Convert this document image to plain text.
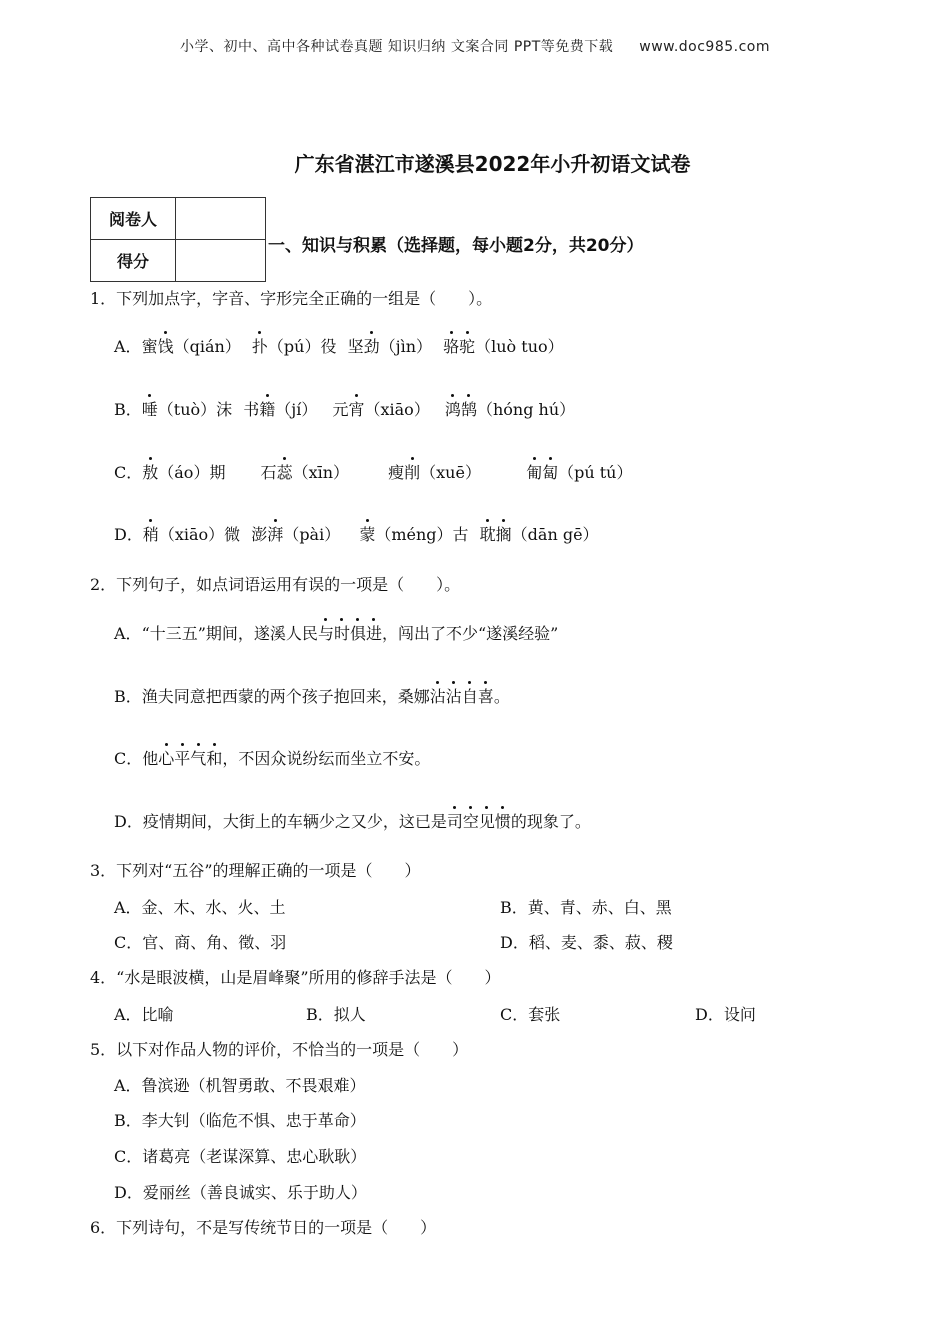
小学、初中、高中各种试卷真题 知识归纳 文案合同 PPT等免费下载 www.doc985.com
广东省湛江市遂溪县2022年小升初语文试卷
阅卷人	
得分	
一、知识与积累（选择题，每小题2分，共20分）
1．下列加点字，字音、字形完全正确的一组是（　　）。
A．蜜饯（qián） 扑（pú）役 坚劲（jìn） 骆驼（luò tuo）
B．唾（tuò）沫 书籍（jí） 元宵（xiāo） 鸿鹄（hóng hú）
C．敖（áo）期 石蕊（xīn） 瘦削（xuē）	匍匐（pú tú）
D．稍（xiāo）微 澎湃（pài） 蒙（méng）古 耽搁（dān gē）
2．下列句子，如点词语运用有误的一项是（　　）。
A．“十三五”期间，遂溪人民与时俱进，闯出了不少“遂溪经验”
B．渔夫同意把西蒙的两个孩子抱回来，桑娜沾沾自喜。
C．他心平气和，不因众说纷纭而坐立不安。
D．疫情期间，大街上的车辆少之又少，这已是司空见惯的现象了。
3．下列对“五谷”的理解正确的一项是（　　）
A．金、木、水、火、土	B．黄、青、赤、白、黑
C．官、商、角、徵、羽	D．稻、麦、黍、菽、稷
4．“水是眼波横，山是眉峰聚”所用的修辞手法是（　　）
A．比喻	B．拟人	C．套张	D．设问
5．以下对作品人物的评价，不恰当的一项是（　　）
A．鲁滨逊（机智勇敢、不畏艰难）
B．李大钊（临危不惧、忠于革命）
C．诸葛亮（老谋深算、忠心耿耿）
D．爱丽丝（善良诚实、乐于助人）
6．下列诗句，不是写传统节日的一项是（　　）
